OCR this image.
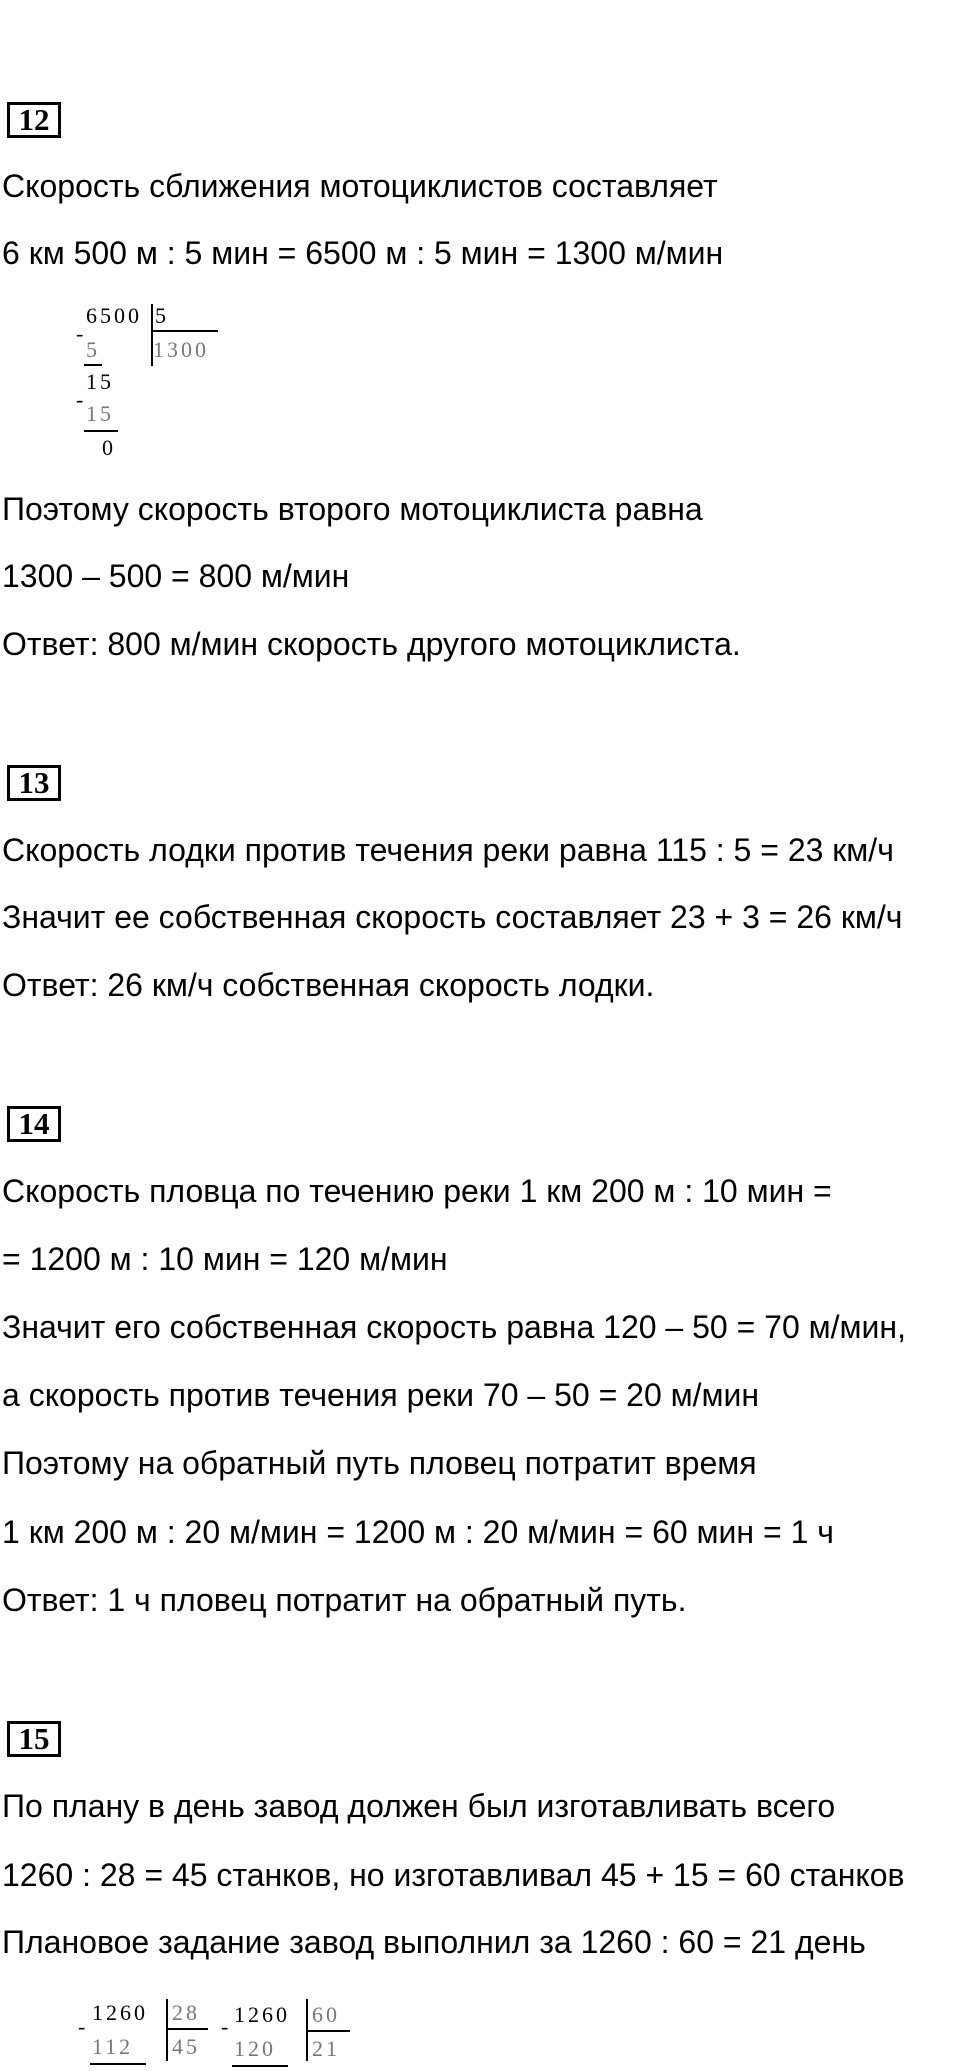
12
Скорость сближения мотоциклистов составляет
6 км 500 м : 5 мин = 6500 м : 5 мин = 1300 м/мин
6500 5
1300
-
5
15
-
15
0
Поэтому скорость второго мотоциклиста равна
1300 – 500 = 800 м/мин
Ответ: 800 м/мин скорость другого мотоциклиста.
13
Скорость лодки против течения реки равна 115 : 5 = 23 км/ч
Значит ее собственная скорость составляет 23 + 3 = 26 км/ч
Ответ: 26 км/ч собственная скорость лодки.
14
Скорость пловца по течению реки 1 км 200 м : 10 мин =
= 1200 м : 10 мин = 120 м/мин
Значит его собственная скорость равна 120 – 50 = 70 м/мин,
а скорость против течения реки 70 – 50 = 20 м/мин
Поэтому на обратный путь пловец потратит время
1 км 200 м : 20 м/мин = 1200 м : 20 м/мин = 60 мин = 1 ч
Ответ: 1 ч пловец потратит на обратный путь.
15
По плану в день завод должен был изготавливать всего
1260 : 28 = 45 станков, но изготавливал 45 + 15 = 60 станков
Плановое задание завод выполнил за 1260 : 60 = 21 день
-
1260 28
45
112
- 1260 60
21
120
